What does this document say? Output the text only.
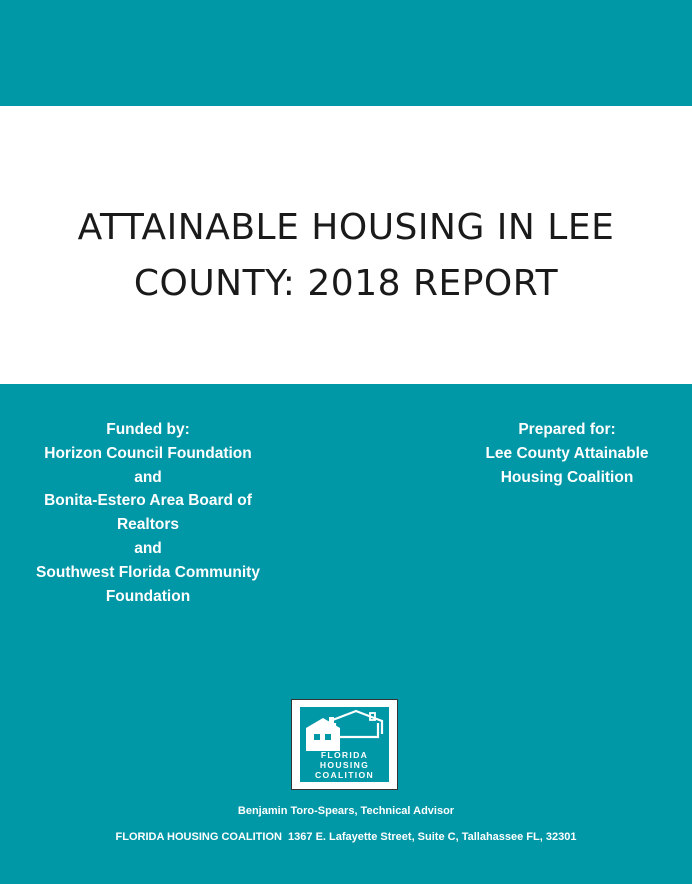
ATTAINABLE HOUSING IN LEE
COUNTY: 2018 REPORT
Funded by:
Horizon Council Foundation
and
Bonita-Estero Area Board of
Realtors
and
Southwest Florida Community
Foundation
Prepared for:
Lee County Attainable
Housing Coalition
FLORIDA
HOUSING
COALITION
Benjamin Toro-Spears, Technical Advisor
FLORIDA HOUSING COALITION  1367 E. Lafayette Street, Suite C, Tallahassee FL, 32301
